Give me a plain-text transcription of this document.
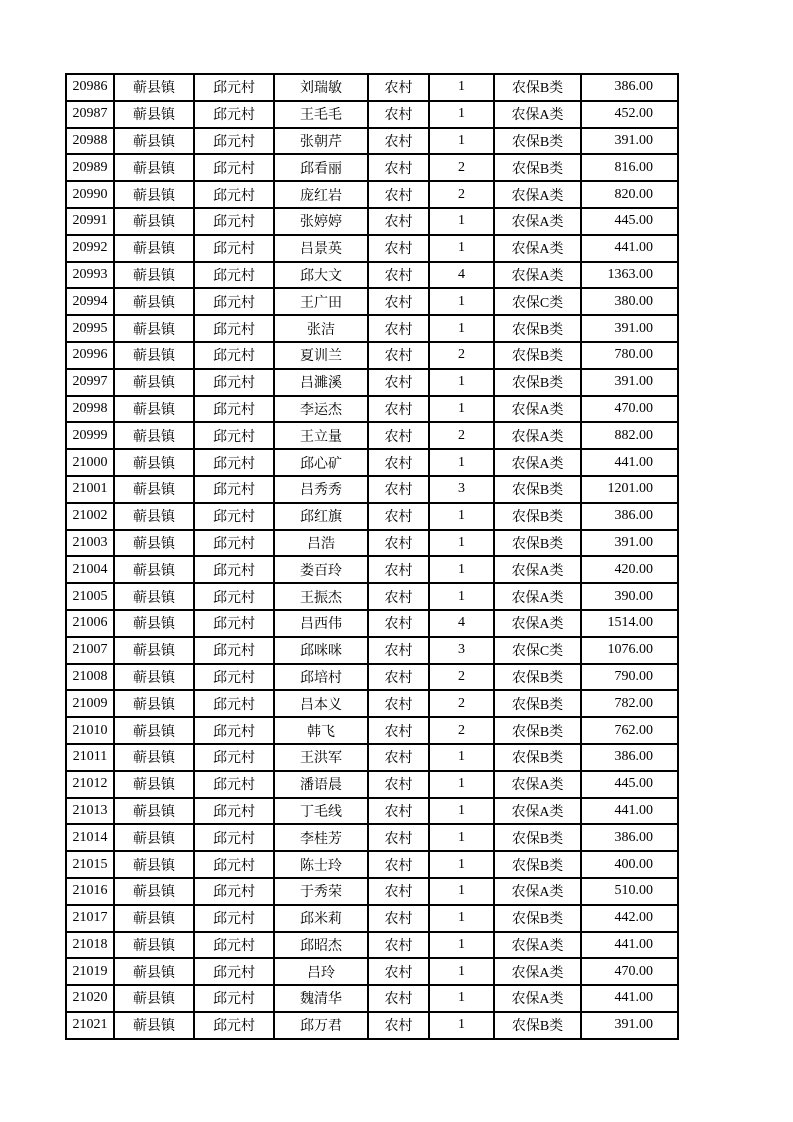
20986	蕲县镇	邱元村	刘瑞敏	农村	1	农保B类	386.00
20987	蕲县镇	邱元村	王毛毛	农村	1	农保A类	452.00
20988	蕲县镇	邱元村	张朝芹	农村	1	农保B类	391.00
20989	蕲县镇	邱元村	邱看丽	农村	2	农保B类	816.00
20990	蕲县镇	邱元村	庞红岩	农村	2	农保A类	820.00
20991	蕲县镇	邱元村	张婷婷	农村	1	农保A类	445.00
20992	蕲县镇	邱元村	吕景英	农村	1	农保A类	441.00
20993	蕲县镇	邱元村	邱大文	农村	4	农保A类	1363.00
20994	蕲县镇	邱元村	王广田	农村	1	农保C类	380.00
20995	蕲县镇	邱元村	张洁	农村	1	农保B类	391.00
20996	蕲县镇	邱元村	夏训兰	农村	2	农保B类	780.00
20997	蕲县镇	邱元村	吕濉溪	农村	1	农保B类	391.00
20998	蕲县镇	邱元村	李运杰	农村	1	农保A类	470.00
20999	蕲县镇	邱元村	王立量	农村	2	农保A类	882.00
21000	蕲县镇	邱元村	邱心矿	农村	1	农保A类	441.00
21001	蕲县镇	邱元村	吕秀秀	农村	3	农保B类	1201.00
21002	蕲县镇	邱元村	邱红旗	农村	1	农保B类	386.00
21003	蕲县镇	邱元村	吕浩	农村	1	农保B类	391.00
21004	蕲县镇	邱元村	娄百玲	农村	1	农保A类	420.00
21005	蕲县镇	邱元村	王振杰	农村	1	农保A类	390.00
21006	蕲县镇	邱元村	吕西伟	农村	4	农保A类	1514.00
21007	蕲县镇	邱元村	邱咪咪	农村	3	农保C类	1076.00
21008	蕲县镇	邱元村	邱培村	农村	2	农保B类	790.00
21009	蕲县镇	邱元村	吕本义	农村	2	农保B类	782.00
21010	蕲县镇	邱元村	韩飞	农村	2	农保B类	762.00
21011	蕲县镇	邱元村	王洪军	农村	1	农保B类	386.00
21012	蕲县镇	邱元村	潘语晨	农村	1	农保A类	445.00
21013	蕲县镇	邱元村	丁毛线	农村	1	农保A类	441.00
21014	蕲县镇	邱元村	李桂芳	农村	1	农保B类	386.00
21015	蕲县镇	邱元村	陈士玲	农村	1	农保B类	400.00
21016	蕲县镇	邱元村	于秀荣	农村	1	农保A类	510.00
21017	蕲县镇	邱元村	邱米莉	农村	1	农保B类	442.00
21018	蕲县镇	邱元村	邱昭杰	农村	1	农保A类	441.00
21019	蕲县镇	邱元村	吕玲	农村	1	农保A类	470.00
21020	蕲县镇	邱元村	魏清华	农村	1	农保A类	441.00
21021	蕲县镇	邱元村	邱万君	农村	1	农保B类	391.00
